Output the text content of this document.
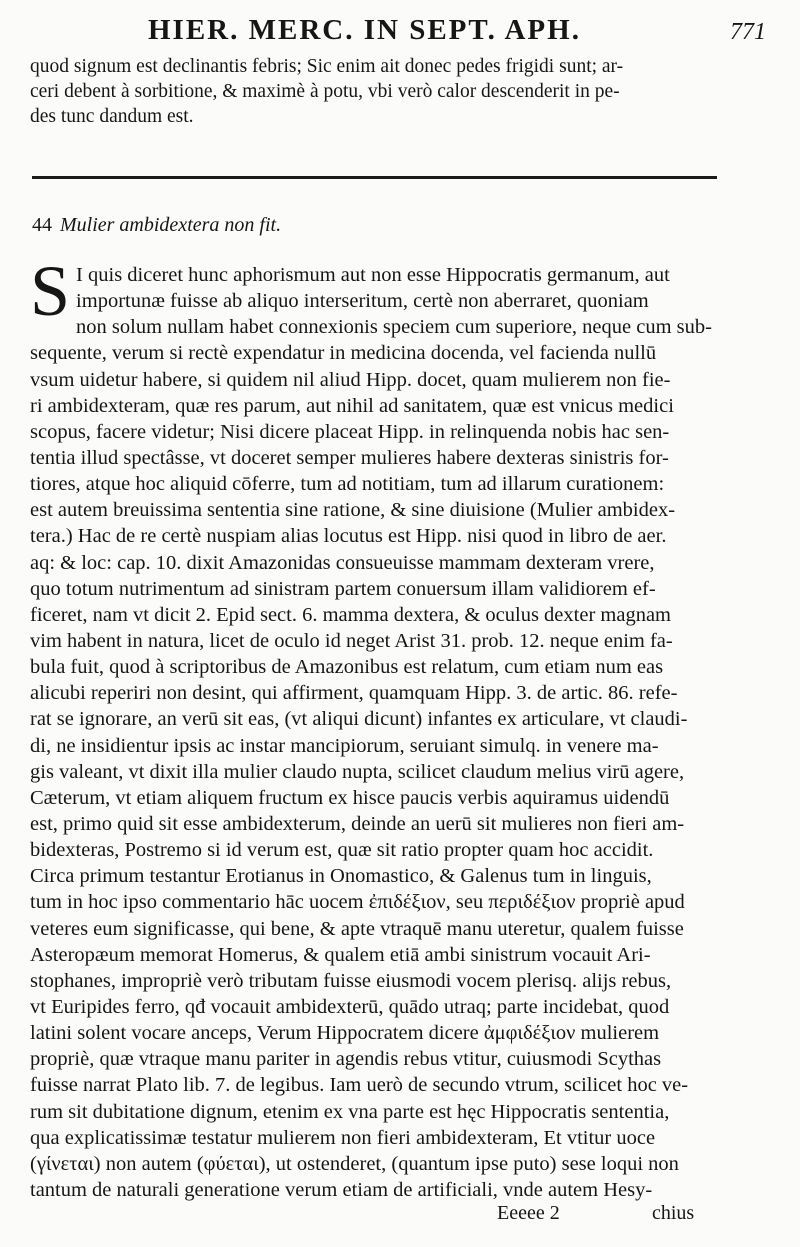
HIER. MERC. IN SEPT. APH.	771

quod signum est declinantis febris; Sic enim ait donec pedes frigidi sunt; ar-

ceri debent à sorbitione, & maximè à potu, vbi verò calor descenderit in pe-

des tunc dandum est.

44 Mulier ambidextera non fit.
S I quis diceret hunc aphorismum aut non esse Hippocratis germanum, aut

importunæ fuisse ab aliquo interseritum, certè non aberraret, quoniam

non solum nullam habet connexionis speciem cum superiore, neque cum sub-

sequente, verum si rectè expendatur in medicina docenda, vel facienda nullū

vsum uidetur habere, si quidem nil aliud Hipp. docet, quam mulierem non fie-

ri ambidexteram, quæ res parum, aut nihil ad sanitatem, quæ est vnicus medici

scopus, facere videtur; Nisi dicere placeat Hipp. in relinquenda nobis hac sen-

tentia illud spectâsse, vt doceret semper mulieres habere dexteras sinistris for-

tiores, atque hoc aliquid cōferre, tum ad notitiam, tum ad illarum curationem:

est autem breuissima sententia sine ratione, & sine diuisione (Mulier ambidex-

tera.) Hac de re certè nuspiam alias locutus est Hipp. nisi quod in libro de aer.

aq: & loc: cap. 10. dixit Amazonidas consueuisse mammam dexteram vrere,

quo totum nutrimentum ad sinistram partem conuersum illam validiorem ef-

ficeret, nam vt dicit 2. Epid sect. 6. mamma dextera, & oculus dexter magnam

vim habent in natura, licet de oculo id neget Arist 31. prob. 12. neque enim fa-

bula fuit, quod à scriptoribus de Amazonibus est relatum, cum etiam num eas

alicubi reperiri non desint, qui affirment, quamquam Hipp. 3. de artic. 86. refe-

rat se ignorare, an verū sit eas, (vt aliqui dicunt) infantes ex articulare, vt claudi-

di, ne insidientur ipsis ac instar mancipiorum, seruiant simulq. in venere ma-

gis valeant, vt dixit illa mulier claudo nupta, scilicet claudum melius virū agere,

Cæterum, vt etiam aliquem fructum ex hisce paucis verbis aquiramus uidendū

est, primo quid sit esse ambidexterum, deinde an uerū sit mulieres non fieri am-

bidexteras, Postremo si id verum est, quæ sit ratio propter quam hoc accidit.

Circa primum testantur Erotianus in Onomastico, & Galenus tum in linguis,

tum in hoc ipso commentario hāc uocem ἐπιδέξιον, seu περιδέξιον propriè apud

veteres eum significasse, qui bene, & apte vtraquē manu uteretur, qualem fuisse

Asteropæum memorat Homerus, & qualem etiā ambi sinistrum vocauit Ari-

stophanes, impropriè verò tributam fuisse eiusmodi vocem plerisq. alijs rebus,

vt Euripides ferro, qđ vocauit ambidexterū, quādo utraq; parte incidebat, quod

latini solent vocare anceps, Verum Hippocratem dicere ἀμφιδέξιον mulierem

propriè, quæ vtraque manu pariter in agendis rebus vtitur, cuiusmodi Scythas

fuisse narrat Plato lib. 7. de legibus. Iam uerò de secundo vtrum, scilicet hoc ve-

rum sit dubitatione dignum, etenim ex vna parte est hęc Hippocratis sententia,

qua explicatissimæ testatur mulierem non fieri ambidexteram, Et vtitur uoce

(γίνεται) non autem (φύεται), ut ostenderet, (quantum ipse puto) sese loqui non

tantum de naturali generatione verum etiam de artificiali, vnde autem Hesy-

Eeeee 2	chius
